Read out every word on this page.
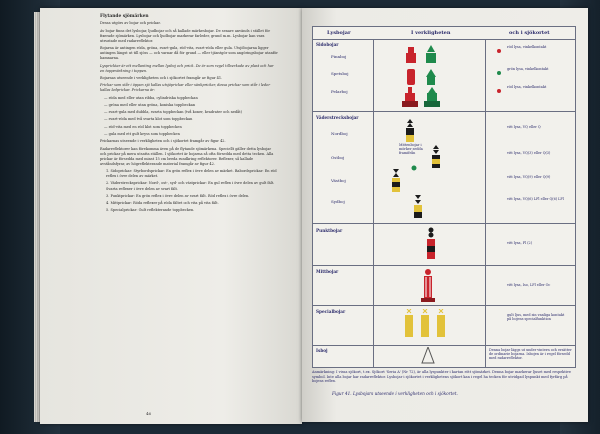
Flytande sjömärken

Dessa utgörs av bojar och prickar.

Av bojar finns det lysbojar, ljudbojar och så kallade märkesbojar. De senare används i stället för fixerade sjömärken. Lysbojar och ljudbojar markerar farleder, grund m.m. Lysbojar kan vara utrustade med radarreflektor.

Bojarna är antingen röda, gröna, svart-gula, röd-vita, svart-röda eller gula. Utsjöbojarna ligger antingen längst ut till sjöss — och varnar då för grund — eller tjänstgör som angöringsbojar utanför hamnarna.

Lyspricktar är ett mellanting mellan lysboj och prick. De är som regel tillverkade av plast och har en toppmärkning i toppen.

Bojarnas utseende i verkligheten och i sjökortet framgår av figur 41.

Prickar som står i öppen sjö kallas utsjöprickar eller sänkprickar, dessa prickar som står i leder kallas ledprickar. Prickarna är:

— röda med eller utan ribba, cylindriska toppbeckan

— gröna med eller utan gröna, koniska toppbeckan

— svart-gula med dubbla, svarta toppbeckan (två koner, kvadrater och nedåt)

— svart-röda med två svarta klot som toppbeckan

— röd-vita med en röd klot som toppbecken

— gula med ett gult kryss som toppbecken

Prickarnas utseende i verkligheten och i sjökortet framgår av figur 42.

Radarreflektorer kan förekomma även på de flytande sjömärkena. Speciellt gäller detta lysbojar och prickar på mera utsatta ställen. I sjökortet är bojarna så ofta försedda med detta tecken. Alla prickar är försedda med minst 15 cm breda rundkring reflektorer. Reflexer, så kallade avståndsfyrar, av högreflekterande material framgår av figur 42.

1. Sidoprickar: Styrbordsprickar: En grön reflex i övre delen av märket. Babordsprickar: En röd reflex i övre delen av märket.

2. Väderstrecksprickar: Nord-, ost-, syd- och västprickar: En gul reflex i övre delen av gult fält. Svarta reflexer i övre delen av svart fält.

3. Punktprickar: En grön reflex i övre delen av svart fält. Röd reflex i övre delen.

4. Mittprickar: Röda reflexer på röda fältet och vita på vita fält.

5. Specialprickar: Gult reflekterande toppbecken.

46
Lysbojar	I verkligheten	och i sjökortet
Sidobojar
Pinnboj
Spetsboj
Pelarboj
Väderstrecksbojar
Nordboj
Ostboj
Västboj
Sydboj
Punktbojar
Mittbojar
Specialbojar
Isboj
Mittenbojar i mörker sedda framifrån
röd lysa, vinkelkontakt
grön lysa, vinkelkontakt
röd lysa, vinkelkontakt
vitt lysa, VQ eller Q
vitt lysa, VQ(3) eller Q(3)
vitt lysa, VQ(9) eller Q(9)
vitt lysa, VQ(6) LFl eller Q(6) LFl
vitt lysa, Fl (2)
vitt lysa, Iso, LFl eller Oc
gult ljus, med sin vanliga kontakt på bojens specialfunktion
Denna bojar läggs ut under vintern och ersätter de ordinarie bojarna. Isbojen är i regel försedd med radarreflektor.
Anmärkning: I vissa sjökort, t.ex. Sjökort 'Seria A' (Nr 72), är alla lyspunkter i kartan rött sjömärket. Denna bojar markerar ljuset med respektive symbol. Inte alla bojar har radarreflektor. Lysbojar i sjökortet i verklighetens sjökort kan i regel ha tecken för utvidgad lyspunkt med fyrfärg på bojens reflex.
Figur 41. Lysbojars utseende i verkligheten och i sjökortet.
